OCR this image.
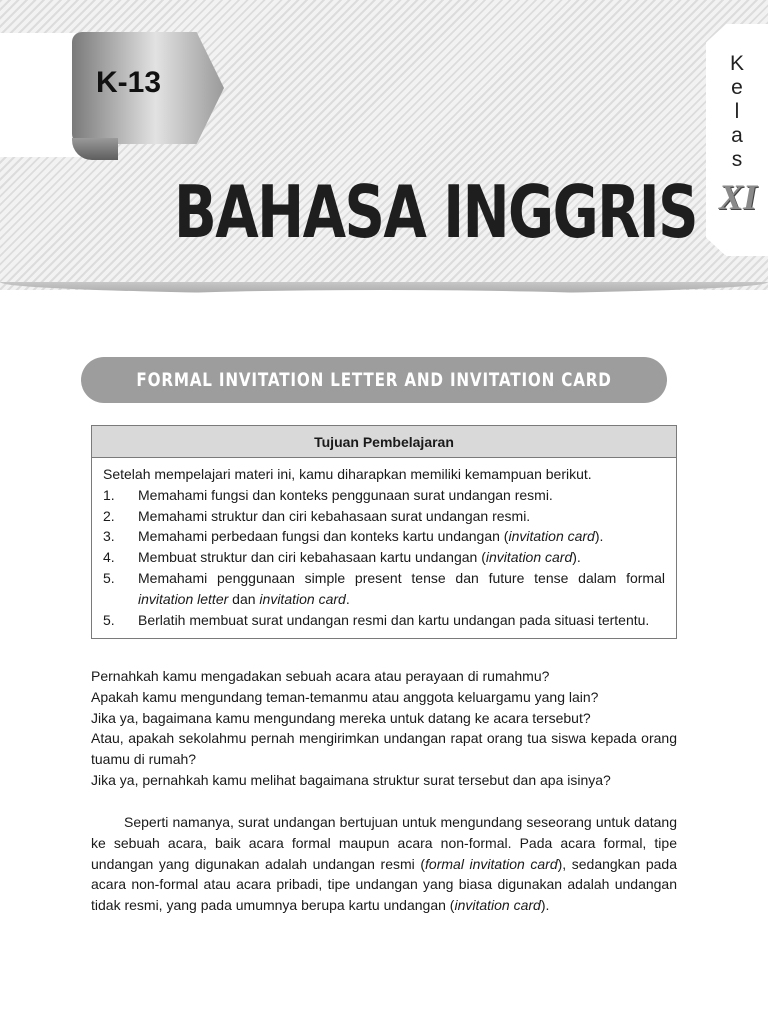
K-13
K
e
l
a
s
XI
BAHASA INGGRIS
FORMAL INVITATION LETTER AND INVITATION CARD
Tujuan Pembelajaran

Setelah mempelajari materi ini, kamu diharapkan memiliki kemampuan berikut.

1.	Memahami fungsi dan konteks penggunaan surat undangan resmi.
2.	Memahami struktur dan ciri kebahasaan surat undangan resmi.
3.	Memahami perbedaan fungsi dan konteks kartu undangan (invitation card).
4.	Membuat struktur dan ciri kebahasaan kartu undangan (invitation card).
5.	Memahami penggunaan simple present tense dan future tense dalam formal invitation letter dan invitation card.
5.	Berlatih membuat surat undangan resmi dan kartu undangan pada situasi tertentu.

Pernahkah kamu mengadakan sebuah acara atau perayaan di rumahmu?

Apakah kamu mengundang teman-temanmu atau anggota keluargamu yang lain?

Jika ya, bagaimana kamu mengundang mereka untuk datang ke acara tersebut?

Atau, apakah sekolahmu pernah mengirimkan undangan rapat orang tua siswa kepada orang tuamu di rumah?

Jika ya, pernahkah kamu melihat bagaimana struktur surat tersebut dan apa isinya?

Seperti namanya, surat undangan bertujuan untuk mengundang seseorang untuk datang ke sebuah acara, baik acara formal maupun acara non-formal. Pada acara formal, tipe undangan yang digunakan adalah undangan resmi (formal invitation card), sedangkan pada acara non-formal atau acara pribadi, tipe undangan yang biasa digunakan adalah undangan tidak resmi, yang pada umumnya berupa kartu undangan (invitation card).
